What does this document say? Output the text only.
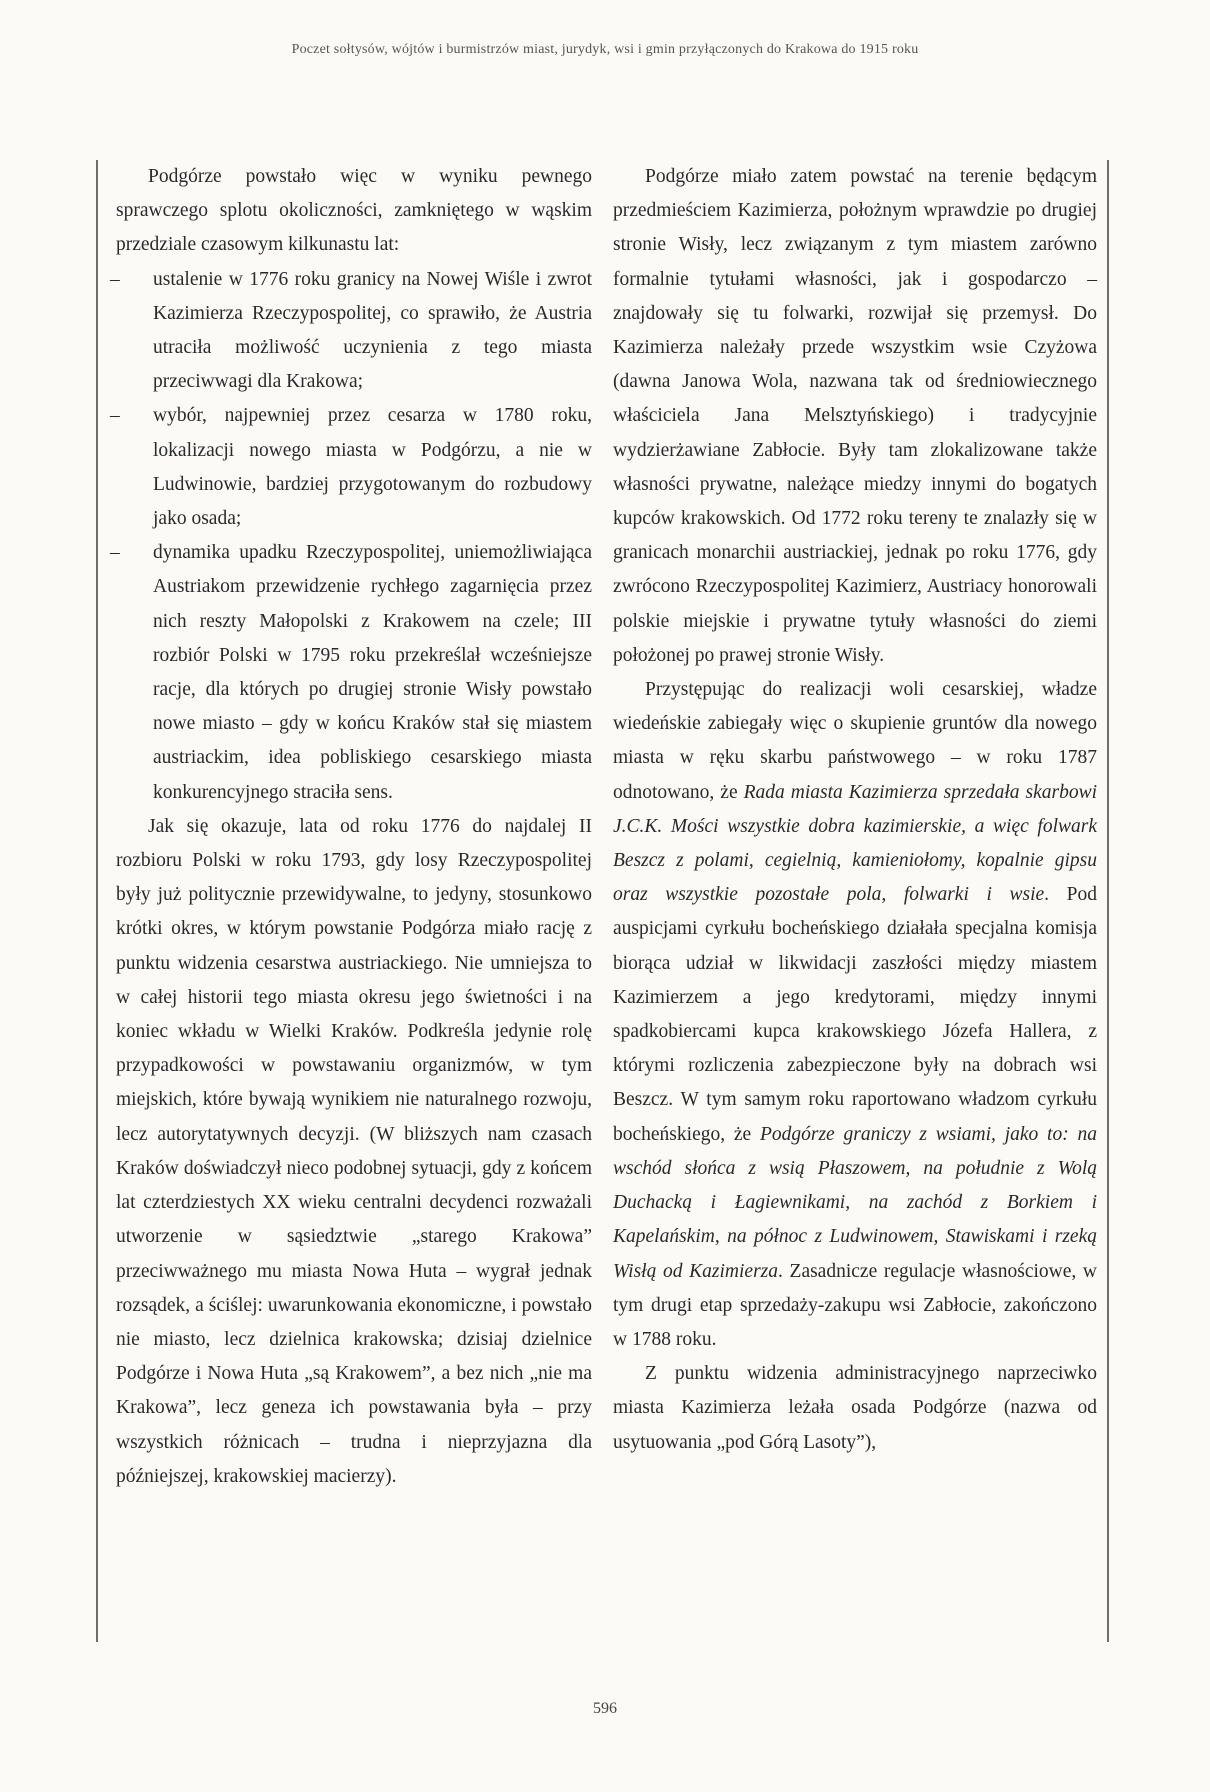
Poczet sołtysów, wójtów i burmistrzów miast, jurydyk, wsi i gmin przyłączonych do Krakowa do 1915 roku

Podgórze powstało więc w wyniku pewnego sprawczego splotu okoliczności, zamkniętego w wąskim przedziale czasowym kilkunastu lat:

– ustalenie w 1776 roku granicy na Nowej Wiśle i zwrot Kazimierza Rzeczypospolitej, co sprawiło, że Austria utraciła możliwość uczynienia z tego miasta przeciwwagi dla Krakowa;
– wybór, najpewniej przez cesarza w 1780 roku, lokalizacji nowego miasta w Podgórzu, a nie w Ludwinowie, bardziej przygotowanym do rozbudowy jako osada;
– dynamika upadku Rzeczypospolitej, uniemożliwiająca Austriakom przewidzenie rychłego zagarnięcia przez nich reszty Małopolski z Krakowem na czele; III rozbiór Polski w 1795 roku przekreślał wcześniejsze racje, dla których po drugiej stronie Wisły powstało nowe miasto – gdy w końcu Kraków stał się miastem austriackim, idea pobliskiego cesarskiego miasta konkurencyjnego straciła sens.

Jak się okazuje, lata od roku 1776 do najdalej II rozbioru Polski w roku 1793, gdy losy Rzeczypospolitej były już politycznie przewidywalne, to jedyny, stosunkowo krótki okres, w którym powstanie Podgórza miało rację z punktu widzenia cesarstwa austriackiego. Nie umniejsza to w całej historii tego miasta okresu jego świetności i na koniec wkładu w Wielki Kraków. Podkreśla jedynie rolę przypadkowości w powstawaniu organizmów, w tym miejskich, które bywają wynikiem nie naturalnego rozwoju, lecz autorytatywnych decyzji. (W bliższych nam czasach Kraków doświadczył nieco podobnej sytuacji, gdy z końcem lat czterdziestych XX wieku centralni decydenci rozważali utworzenie w sąsiedztwie „starego Krakowa” przeciwważnego mu miasta Nowa Huta – wygrał jednak rozsądek, a ściślej: uwarunkowania ekonomiczne, i powstało nie miasto, lecz dzielnica krakowska; dzisiaj dzielnice Podgórze i Nowa Huta „są Krakowem”, a bez nich „nie ma Krakowa”, lecz geneza ich powstawania była – przy wszystkich różnicach – trudna i nieprzyjazna dla późniejszej, krakowskiej macierzy).

Podgórze miało zatem powstać na terenie będącym przedmieściem Kazimierza, położnym wprawdzie po drugiej stronie Wisły, lecz związanym z tym miastem zarówno formalnie tytułami własności, jak i gospodarczo – znajdowały się tu folwarki, rozwijał się przemysł. Do Kazimierza należały przede wszystkim wsie Czyżowa (dawna Janowa Wola, nazwana tak od średniowiecznego właściciela Jana Melsztyńskiego) i tradycyjnie wydzierżawiane Zabłocie. Były tam zlokalizowane także własności prywatne, należące miedzy innymi do bogatych kupców krakowskich. Od 1772 roku tereny te znalazły się w granicach monarchii austriackiej, jednak po roku 1776, gdy zwrócono Rzeczypospolitej Kazimierz, Austriacy honorowali polskie miejskie i prywatne tytuły własności do ziemi położonej po prawej stronie Wisły.

Przystępując do realizacji woli cesarskiej, władze wiedeńskie zabiegały więc o skupienie gruntów dla nowego miasta w ręku skarbu państwowego – w roku 1787 odnotowano, że Rada miasta Kazimierza sprzedała skarbowi J.C.K. Mości wszystkie dobra kazimierskie, a więc folwark Beszcz z polami, cegielnią, kamieniołomy, kopalnie gipsu oraz wszystkie pozostałe pola, folwarki i wsie. Pod auspicjami cyrkułu bocheńskiego działała specjalna komisja biorąca udział w likwidacji zaszłości między miastem Kazimierzem a jego kredytorami, między innymi spadkobiercami kupca krakowskiego Józefa Hallera, z którymi rozliczenia zabezpieczone były na dobrach wsi Beszcz. W tym samym roku raportowano władzom cyrkułu bocheńskiego, że Podgórze graniczy z wsiami, jako to: na wschód słońca z wsią Płaszowem, na południe z Wolą Duchacką i Łagiewnikami, na zachód z Borkiem i Kapelańskim, na północ z Ludwinowem, Stawiskami i rzeką Wisłą od Kazimierza. Zasadnicze regulacje własnościowe, w tym drugi etap sprzedaży-zakupu wsi Zabłocie, zakończono w 1788 roku.

Z punktu widzenia administracyjnego naprzeciwko miasta Kazimierza leżała osada Podgórze (nazwa od usytuowania „pod Górą Lasoty”),

596
